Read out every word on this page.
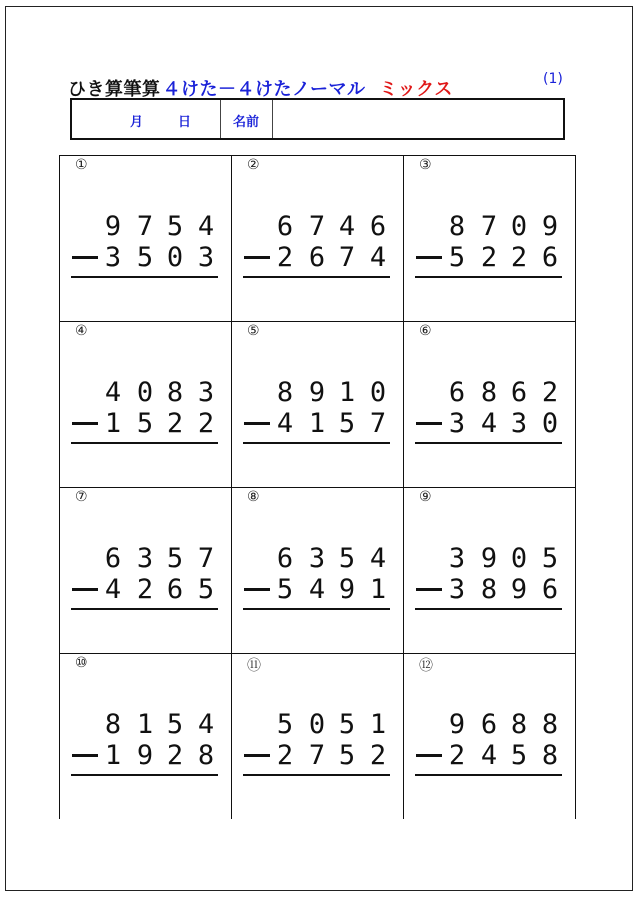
ひき算筆算 ４けた－４けたノーマル ミックス	(1)
月	日	名前
①
9 7 5 4
3 5 0 3
②
6 7 4 6
2 6 7 4
③
8 7 0 9
5 2 2 6
④
4 0 8 3
1 5 2 2
⑤
8 9 1 0
4 1 5 7
⑥
6 8 6 2
3 4 3 0
⑦
6 3 5 7
4 2 6 5
⑧
6 3 5 4
5 4 9 1
⑨
3 9 0 5
3 8 9 6
⑩
8 1 5 4
1 9 2 8
⑪
5 0 5 1
2 7 5 2
⑫
9 6 8 8
2 4 5 8
